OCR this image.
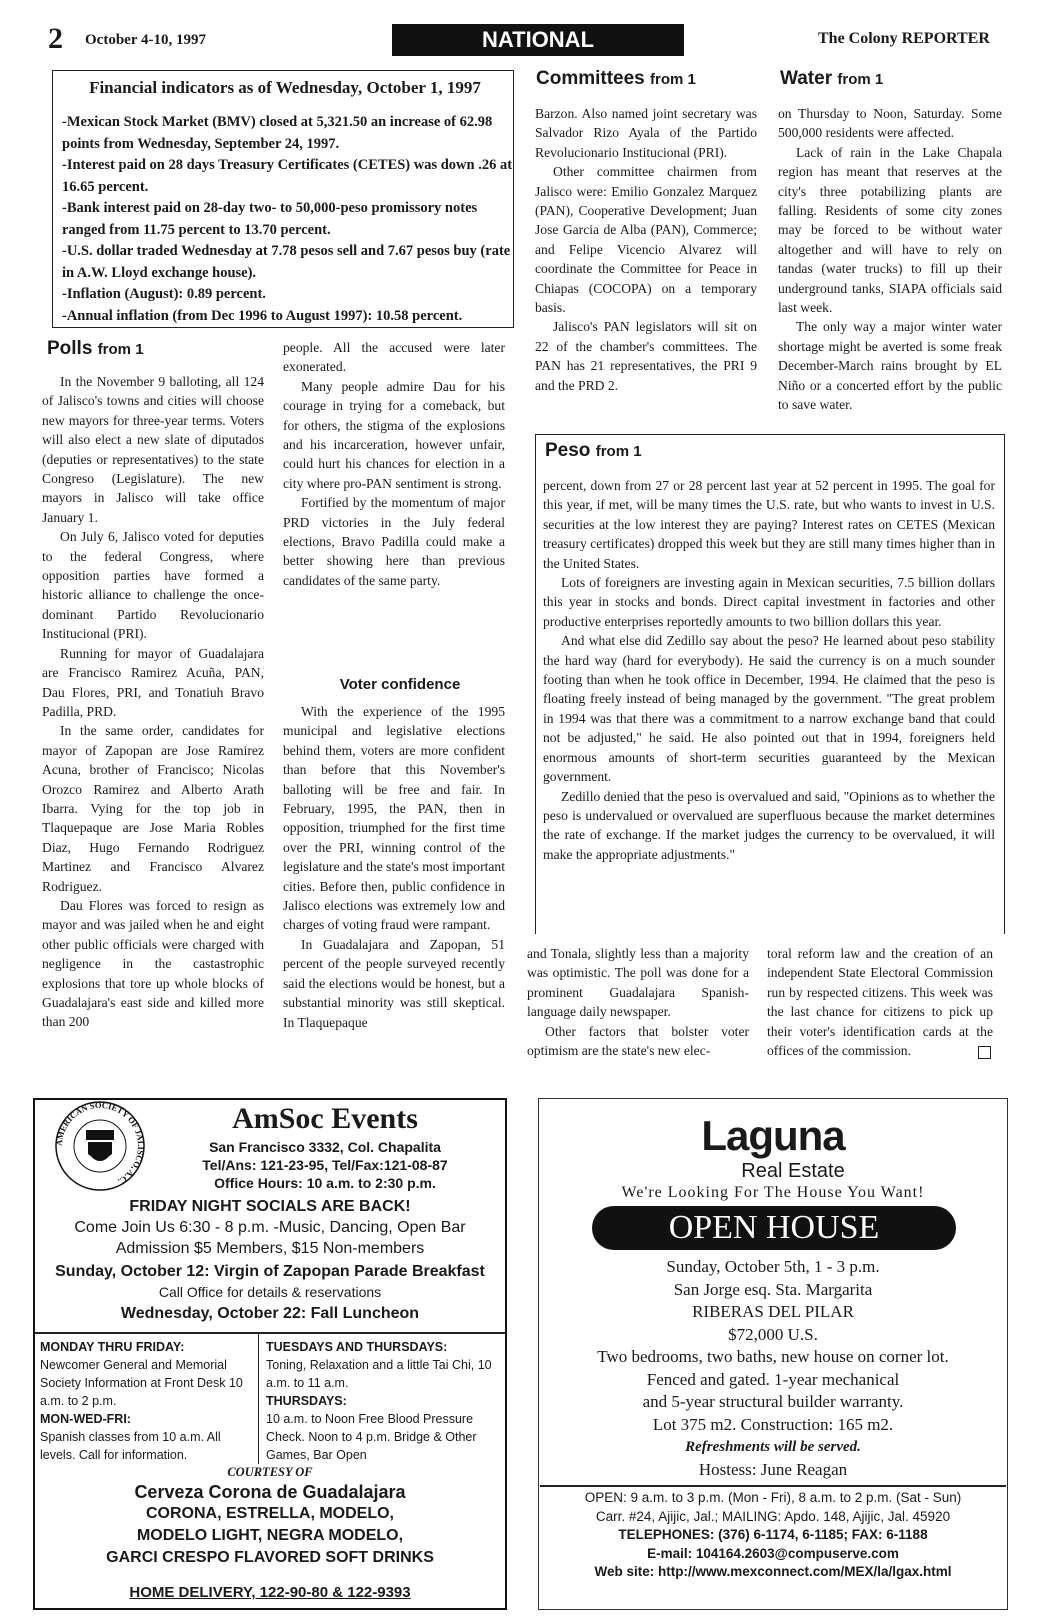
2 October 4-10, 1997	NATIONAL	The Colony REPORTER
Financial indicators as of Wednesday, October 1, 1997

-Mexican Stock Market (BMV) closed at 5,321.50 an increase of 62.98 points from Wednesday, September 24, 1997.

-Interest paid on 28 days Treasury Certificates (CETES) was down .26 at 16.65 percent.

-Bank interest paid on 28-day two- to 50,000-peso promissory notes ranged from 11.75 percent to 13.70 percent.

-U.S. dollar traded Wednesday at 7.78 pesos sell and 7.67 pesos buy (rate in A.W. Lloyd exchange house).

-Inflation (August): 0.89 percent.

-Annual inflation (from Dec 1996 to August 1997): 10.58 percent.

Polls from 1

In the November 9 balloting, all 124 of Jalisco's towns and cities will choose new mayors for three-year terms. Voters will also elect a new slate of diputados (deputies or representatives) to the state Congreso (Legislature). The new mayors in Jalisco will take office January 1.

On July 6, Jalisco voted for deputies to the federal Congress, where opposition parties have formed a historic alliance to challenge the once-dominant Partido Revolucionario Institucional (PRI).

Running for mayor of Guadalajara are Francisco Ramirez Acuña, PAN, Dau Flores, PRI, and Tonatiuh Bravo Padilla, PRD.

In the same order, candidates for mayor of Zapopan are Jose Ramirez Acuna, brother of Francisco; Nicolas Orozco Ramirez and Alberto Arath Ibarra. Vying for the top job in Tlaquepaque are Jose Maria Robles Diaz, Hugo Fernando Rodriguez Martinez and Francisco Alvarez Rodriguez.

Dau Flores was forced to resign as mayor and was jailed when he and eight other public officials were charged with negligence in the castastrophic explosions that tore up whole blocks of Guadalajara's east side and killed more than 200

people. All the accused were later exonerated.

Many people admire Dau for his courage in trying for a comeback, but for others, the stigma of the explosions and his incarceration, however unfair, could hurt his chances for election in a city where pro-PAN sentiment is strong.

Fortified by the momentum of major PRD victories in the July federal elections, Bravo Padilla could make a better showing here than previous candidates of the same party.

Voter confidence

With the experience of the 1995 municipal and legislative elections behind them, voters are more confident than before that this November's balloting will be free and fair. In February, 1995, the PAN, then in opposition, triumphed for the first time over the PRI, winning control of the legislature and the state's most important cities. Before then, public confidence in Jalisco elections was extremely low and charges of voting fraud were rampant.

In Guadalajara and Zapopan, 51 percent of the people surveyed recently said the elections would be honest, but a substantial minority was still skeptical. In Tlaquepaque

and Tonala, slightly less than a majority was optimistic. The poll was done for a prominent Guadalajara Spanish-language daily newspaper.

Other factors that bolster voter optimism are the state's new elec-

toral reform law and the creation of an independent State Electoral Commission run by respected citizens. This week was the last chance for citizens to pick up their voter's identification cards at the offices of the commission.

Committees from 1

Barzon. Also named joint secretary was Salvador Rizo Ayala of the Partido Revolucionario Institucional (PRI).

Other committee chairmen from Jalisco were: Emilio Gonzalez Marquez (PAN), Cooperative Development; Juan Jose Garcia de Alba (PAN), Commerce; and Felipe Vicencio Alvarez will coordinate the Committee for Peace in Chiapas (COCOPA) on a temporary basis.

Jalisco's PAN legislators will sit on 22 of the chamber's committees. The PAN has 21 representatives, the PRI 9 and the PRD 2.

Water from 1

on Thursday to Noon, Saturday. Some 500,000 residents were affected.

Lack of rain in the Lake Chapala region has meant that reserves at the city's three potabilizing plants are falling. Residents of some city zones may be forced to be without water altogether and will have to rely on tandas (water trucks) to fill up their underground tanks, SIAPA officials said last week.

The only way a major winter water shortage might be averted is some freak December-March rains brought by EL Niño or a concerted effort by the public to save water.

Peso from 1

percent, down from 27 or 28 percent last year at 52 percent in 1995. The goal for this year, if met, will be many times the U.S. rate, but who wants to invest in U.S. securities at the low interest they are paying? Interest rates on CETES (Mexican treasury certificates) dropped this week but they are still many times higher than in the United States.

Lots of foreigners are investing again in Mexican securities, 7.5 billion dollars this year in stocks and bonds. Direct capital investment in factories and other productive enterprises reportedly amounts to two billion dollars this year.

And what else did Zedillo say about the peso? He learned about peso stability the hard way (hard for everybody). He said the currency is on a much sounder footing than when he took office in December, 1994. He claimed that the peso is floating freely instead of being managed by the government. "The great problem in 1994 was that there was a commitment to a narrow exchange band that could not be adjusted," he said. He also pointed out that in 1994, foreigners held enormous amounts of short-term securities guaranteed by the Mexican government.

Zedillo denied that the peso is overvalued and said, "Opinions as to whether the peso is undervalued or overvalued are superfluous because the market determines the rate of exchange. If the market judges the currency to be overvalued, it will make the appropriate adjustments."

AMERICAN SOCIETY OF JALISCO, A.C.
AmSoc Events
San Francisco 3332, Col. Chapalita
Tel/Ans: 121-23-95, Tel/Fax:121-08-87
Office Hours: 10 a.m. to 2:30 p.m.
FRIDAY NIGHT SOCIALS ARE BACK!
Come Join Us 6:30 - 8 p.m. -Music, Dancing, Open Bar
Admission $5 Members, $15 Non-members
Sunday, October 12: Virgin of Zapopan Parade Breakfast
Call Office for details & reservations
Wednesday, October 22: Fall Luncheon
MONDAY THRU FRIDAY:
Newcomer General and Memorial Society Information at Front Desk 10 a.m. to 2 p.m.
MON-WED-FRI:
Spanish classes from 10 a.m. All levels. Call for information.
TUESDAYS AND THURSDAYS:
Toning, Relaxation and a little Tai Chi, 10 a.m. to 11 a.m.
THURSDAYS:
10 a.m. to Noon Free Blood Pressure Check. Noon to 4 p.m. Bridge & Other Games, Bar Open
COURTESY OF
Cerveza Corona de Guadalajara
CORONA, ESTRELLA, MODELO,
MODELO LIGHT, NEGRA MODELO,
GARCI CRESPO FLAVORED SOFT DRINKS
HOME DELIVERY, 122-90-80 & 122-9393
Laguna
Real Estate
We're Looking For The House You Want!
OPEN HOUSE
Sunday, October 5th, 1 - 3 p.m.
San Jorge esq. Sta. Margarita
RIBERAS DEL PILAR
$72,000 U.S.
Two bedrooms, two baths, new house on corner lot.
Fenced and gated. 1-year mechanical
and 5-year structural builder warranty.
Lot 375 m2. Construction: 165 m2.
Refreshments will be served.
Hostess: June Reagan
OPEN: 9 a.m. to 3 p.m. (Mon - Fri), 8 a.m. to 2 p.m. (Sat - Sun)
Carr. #24, Ajijic, Jal.; MAILING: Apdo. 148, Ajijic, Jal. 45920
TELEPHONES: (376) 6-1174, 6-1185; FAX: 6-1188
E-mail: 104164.2603@compuserve.com
Web site: http://www.mexconnect.com/MEX/la/lgax.html
